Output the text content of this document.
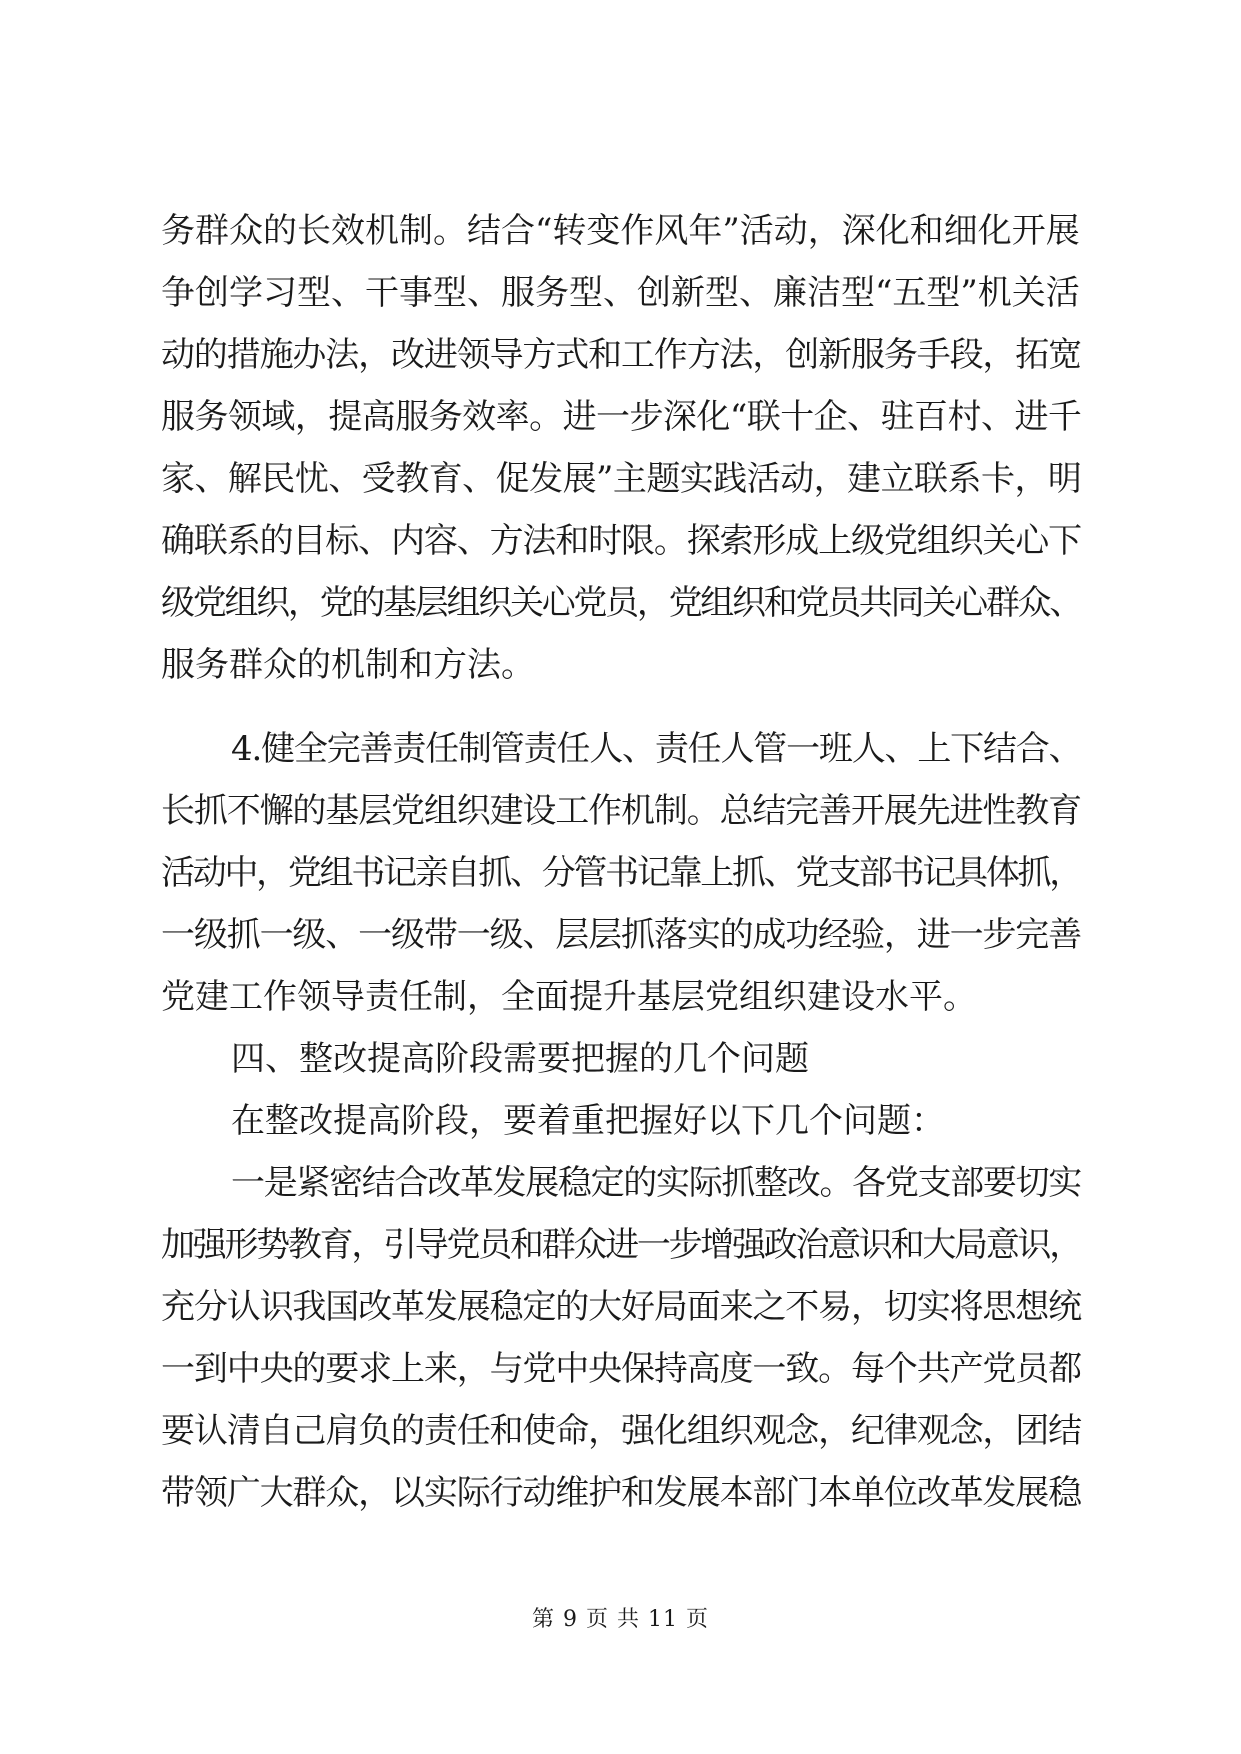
务群众的长效机制。结合“转变作风年”活动，深化和细化开展
争创学习型、干事型、服务型、创新型、廉洁型“五型”机关活
动的措施办法，改进领导方式和工作方法，创新服务手段，拓宽
服务领域，提高服务效率。进一步深化“联十企、驻百村、进千
家、解民忧、受教育、促发展”主题实践活动，建立联系卡，明
确联系的目标、内容、方法和时限。探索形成上级党组织关心下
级党组织，党的基层组织关心党员，党组织和党员共同关心群众、
服务群众的机制和方法。
4.健全完善责任制管责任人、责任人管一班人、上下结合、
长抓不懈的基层党组织建设工作机制。总结完善开展先进性教育
活动中，党组书记亲自抓、分管书记靠上抓、党支部书记具体抓，
一级抓一级、一级带一级、层层抓落实的成功经验，进一步完善
党建工作领导责任制，全面提升基层党组织建设水平。
四、整改提高阶段需要把握的几个问题
在整改提高阶段，要着重把握好以下几个问题：
一是紧密结合改革发展稳定的实际抓整改。各党支部要切实
加强形势教育，引导党员和群众进一步增强政治意识和大局意识，
充分认识我国改革发展稳定的大好局面来之不易，切实将思想统
一到中央的要求上来，与党中央保持高度一致。每个共产党员都
要认清自己肩负的责任和使命，强化组织观念，纪律观念，团结
带领广大群众，以实际行动维护和发展本部门本单位改革发展稳
第 9 页 共 11 页
